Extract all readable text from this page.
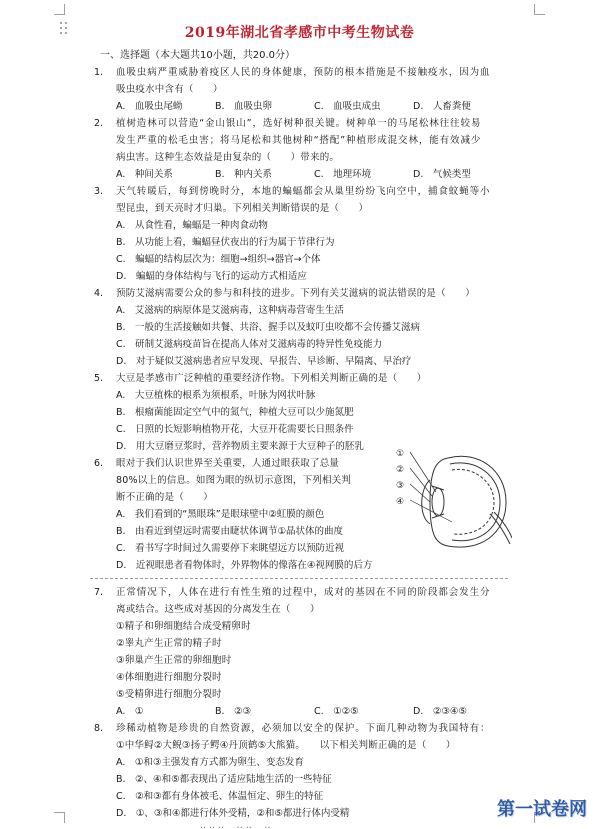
2019年湖北省孝感市中考生物试卷
一、选择题（本大题共10小题，共20.0分）
1.	血吸虫病严重威胁着疫区人民的身体健康，预防的根本措施是不接触疫水，因为血
吸虫疫水中含有（　　）
A.　血吸虫尾蚴	B.　血吸虫卵	C.　血吸虫成虫	D.　人畜粪便
2.	植树造林可以营造“金山银山”，选好树种很关键。树种单一的马尾松林往往较易
发生严重的松毛虫害；将马尾松和其他树种“搭配”种植形成混交林，能有效减少
病虫害。这种生态效益是由复杂的（　　）带来的。
A.　种间关系	B.　种内关系	C.　地理环境	D.　气候类型
3.	天气转暖后，每到傍晚时分，本地的蝙蝠都会从巢里纷纷飞向空中，捕食蚊蝇等小
型昆虫，到天亮时才归巢。下列相关判断错误的是（　　）
A.　从食性看，蝙蝠是一种肉食动物
B.　从功能上看，蝙蝠昼伏夜出的行为属于节律行为
C.　蝙蝠的结构层次为：细胞→组织→器官→个体
D.　蝙蝠的身体结构与飞行的运动方式相适应
4.	预防艾滋病需要公众的参与和科技的进步。下列有关艾滋病的说法错误的是（　　）
A.　艾滋病的病原体是艾滋病毒，这种病毒营寄生生活
B.　一般的生活接触如共餐、共浴、握手以及蚊叮虫咬都不会传播艾滋病
C.　研制艾滋病疫苗旨在提高人体对艾滋病毒的特异性免疫能力
D.　对于疑似艾滋病患者应早发现、早报告、早诊断、早隔离、早治疗
5.	大豆是孝感市广泛种植的重要经济作物。下列相关判断正确的是（　　）
A.　大豆植株的根系为须根系，叶脉为网状叶脉
B.　根瘤菌能固定空气中的氮气，种植大豆可以少施氮肥
C.　日照的长短影响植物开花，大豆开花需要长日照条件
D.　用大豆磨豆浆时，营养物质主要来源于大豆种子的胚乳
6.	眼对于我们认识世界至关重要，人通过眼获取了总量
80%以上的信息。如图为眼的纵切示意图，下列相关判
断不正确的是（　　）
A.　我们看到的“黑眼珠”是眼球壁中②虹膜的颜色
B.　由看近到望远时需要由睫状体调节①晶状体的曲度
C.　看书写字时间过久需要停下来眺望远方以预防近视
D.　近视眼患者看物体时，外界物体的像落在④视网膜的后方
①
②
③
④
7.	正常情况下，人体在进行有性生殖的过程中，成对的基因在不同的阶段都会发生分
离或结合。这些成对基因的分离发生在（　　）
①精子和卵细胞结合成受精卵时
②睾丸产生正常的精子时
③卵巢产生正常的卵细胞时
④体细胞进行细胞分裂时
⑤受精卵进行细胞分裂时
A.　①	B.　②③	C.　①②⑤	D.　②③④⑤
8.	珍稀动植物是珍贵的自然资源，必须加以安全的保护。下面几种动物为我国特有：
①中华鲟②大鲵③扬子鳄④丹顶鹤⑤大熊猫。　　以下相关判断正确的是（　　）
A.　①和③主强发育方式都为卵生、变态发育
B.　②、④和⑤都表现出了适应陆地生活的一些特征
C.　②和③都有身体被毛、体温恒定、卵生的特征
D.　①、③和④都进行体外受精，②和⑤都进行体内受精
·· ·· ··　 ·· ··　 ··
第一试卷网
